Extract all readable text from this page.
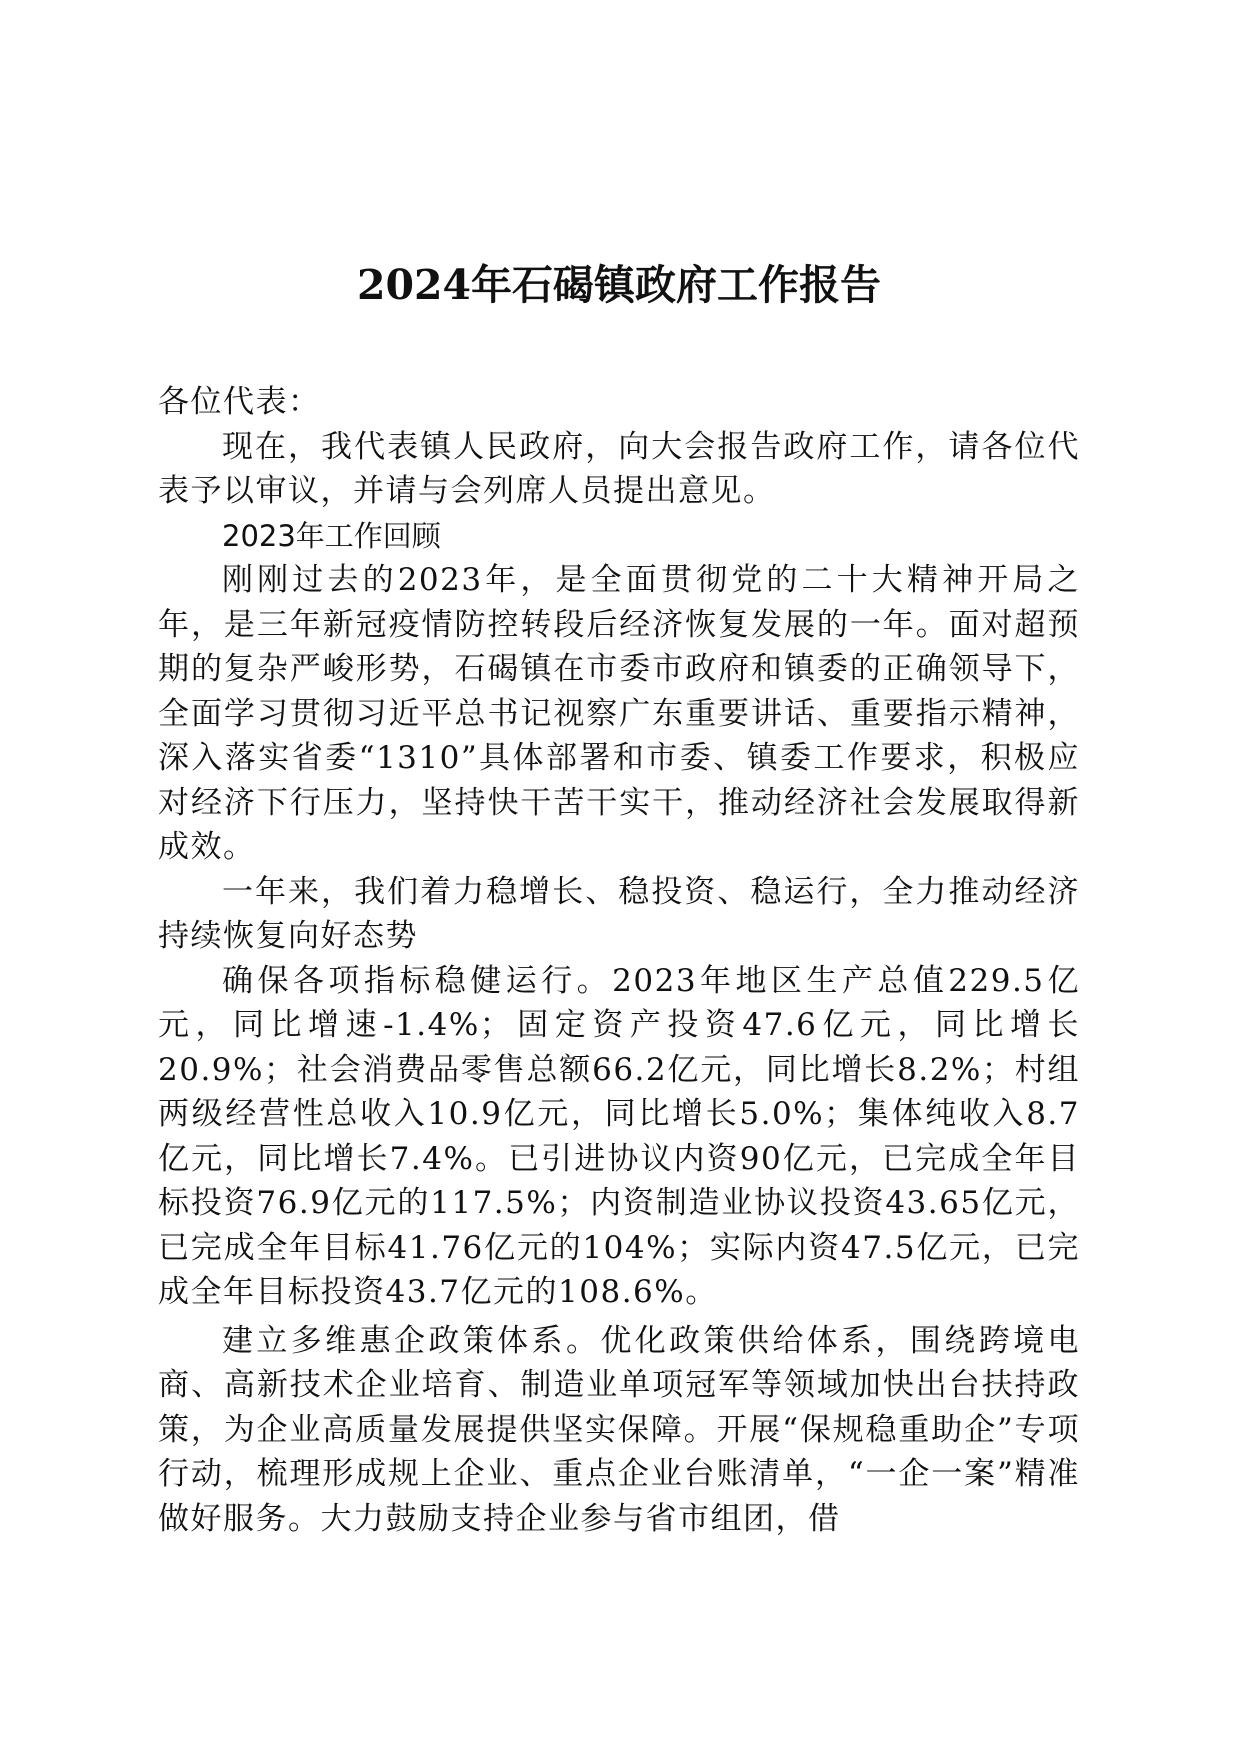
2024年石碣镇政府工作报告

各位代表：

现在，我代表镇人民政府，向大会报告政府工作，请各位代表予以审议，并请与会列席人员提出意见。

2023年工作回顾

刚刚过去的2023年，是全面贯彻党的二十大精神开局之年，是三年新冠疫情防控转段后经济恢复发展的一年。面对超预期的复杂严峻形势，石碣镇在市委市政府和镇委的正确领导下，全面学习贯彻习近平总书记视察广东重要讲话、重要指示精神，深入落实省委“1310”具体部署和市委、镇委工作要求，积极应对经济下行压力，坚持快干苦干实干，推动经济社会发展取得新成效。

一年来，我们着力稳增长、稳投资、稳运行，全力推动经济持续恢复向好态势

确保各项指标稳健运行。2023年地区生产总值229.5亿元，同比增速-1.4%；固定资产投资47.6亿元，同比增长20.9%；社会消费品零售总额66.2亿元，同比增长8.2%；村组两级经营性总收入10.9亿元，同比增长5.0%；集体纯收入8.7亿元，同比增长7.4%。已引进协议内资90亿元，已完成全年目标投资76.9亿元的117.5%；内资制造业协议投资43.65亿元，已完成全年目标41.76亿元的104%；实际内资47.5亿元，已完成全年目标投资43.7亿元的108.6%。

建立多维惠企政策体系。优化政策供给体系，围绕跨境电商、高新技术企业培育、制造业单项冠军等领域加快出台扶持政策，为企业高质量发展提供坚实保障。开展“保规稳重助企”专项行动，梳理形成规上企业、重点企业台账清单，“一企一案”精准做好服务。大力鼓励支持企业参与省市组团，借
